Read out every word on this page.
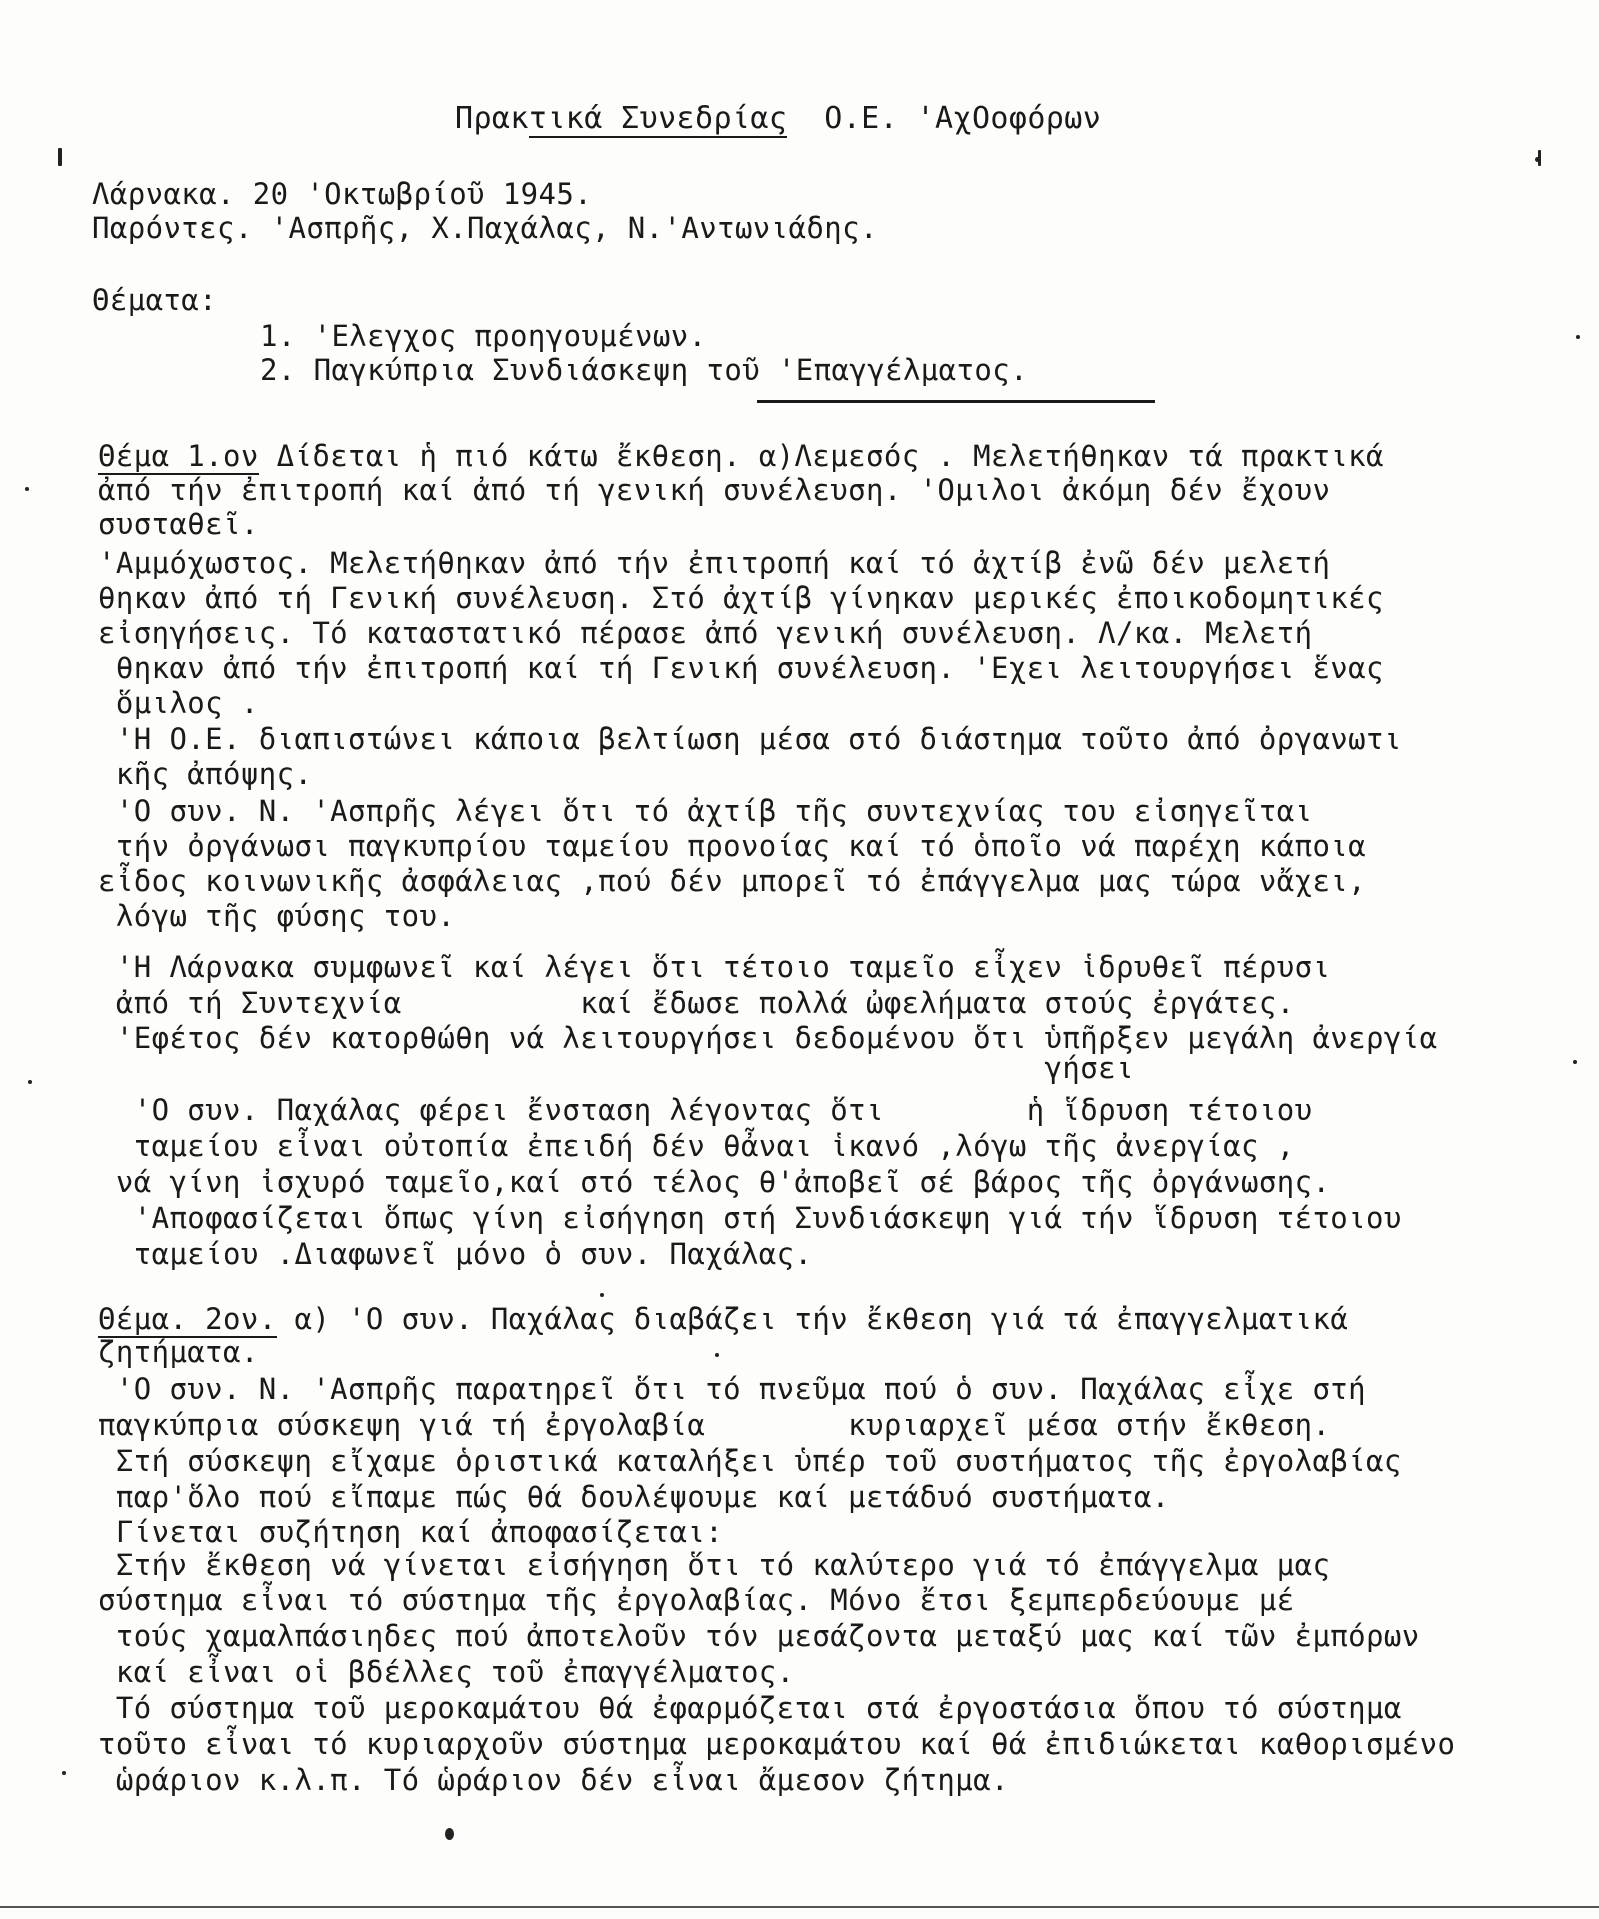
Πρακτικά Συνεδρίας  Ο.Ε. 'ΑχΟοφόρων
Λάρνακα. 20 'Οκτωβρίοῦ 1945.
Παρόντες. 'Ασπρῆς, Χ.Παχάλας, Ν.'Αντωνιάδης.
Θέματα:
1. 'Ελεγχος προηγουμένων.
2. Παγκύπρια Συνδιάσκεψη τοῦ 'Επαγγέλματος.
Θέμα 1.ον Δίδεται ἡ πιό κάτω ἔκθεση. α)Λεμεσός . Μελετήθηκαν τά πρακτικά
ἀπό τήν ἐπιτροπή καί ἀπό τή γενική συνέλευση. 'Ομιλοι ἀκόμη δέν ἔχουν
συσταθεῖ.
'Αμμόχωστος. Μελετήθηκαν ἀπό τήν ἐπιτροπή καί τό ἀχτίβ ἐνῶ δέν μελετή
θηκαν ἀπό τή Γενική συνέλευση. Στό ἀχτίβ γίνηκαν μερικές ἐποικοδομητικές
εἰσηγήσεις. Τό καταστατικό πέρασε ἀπό γενική συνέλευση. Λ/κα. Μελετή
θηκαν ἀπό τήν ἐπιτροπή καί τή Γενική συνέλευση. 'Εχει λειτουργήσει ἕνας
ὅμιλος .
'Η Ο.Ε. διαπιστώνει κάποια βελτίωση μέσα στό διάστημα τοῦτο ἀπό ὀργανωτι
κῆς ἀπόψης.
'Ο συν. Ν. 'Ασπρῆς λέγει ὅτι τό ἀχτίβ τῆς συντεχνίας του εἰσηγεῖται
τήν ὀργάνωσι παγκυπρίου ταμείου προνοίας καί τό ὁποῖο νά παρέχη κάποια
εἶδος κοινωνικῆς ἀσφάλειας ,πού δέν μπορεῖ τό ἐπάγγελμα μας τώρα νἄχει,
λόγω τῆς φύσης του.
'Η Λάρνακα συμφωνεῖ καί λέγει ὅτι τέτοιο ταμεῖο εἶχεν ἱδρυθεῖ πέρυσι
ἀπό τή Συντεχνία          καί ἔδωσε πολλά ὠφελήματα στούς ἐργάτες.
'Εφέτος δέν κατορθώθη νά λειτουργήσει δεδομένου ὅτι ὑπῆρξεν μεγάλη ἀνεργία
γήσει
'Ο συν. Παχάλας φέρει ἔνσταση λέγοντας ὅτι        ἡ ἵδρυση τέτοιου
ταμείου εἶναι οὐτοπία ἐπειδή δέν θἆναι ἱκανό ,λόγω τῆς ἀνεργίας ,
νά γίνη ἰσχυρό ταμεῖο,καί στό τέλος θ'ἀποβεῖ σέ βάρος τῆς ὀργάνωσης.
'Αποφασίζεται ὅπως γίνη εἰσήγηση στή Συνδιάσκεψη γιά τήν ἵδρυση τέτοιου
ταμείου .Διαφωνεῖ μόνο ὁ συν. Παχάλας.
Θέμα. 2ον. α) 'Ο συν. Παχάλας διαβάζει τήν ἔκθεση γιά τά ἐπαγγελματικά
ζητήματα.
'Ο συν. Ν. 'Ασπρῆς παρατηρεῖ ὅτι τό πνεῦμα πού ὁ συν. Παχάλας εἶχε στή
παγκύπρια σύσκεψη γιά τή ἐργολαβία        κυριαρχεῖ μέσα στήν ἔκθεση.
Στή σύσκεψη εἴχαμε ὁριστικά καταλήξει ὑπέρ τοῦ συστήματος τῆς ἐργολαβίας
παρ'ὅλο πού εἴπαμε πώς θά δουλέψουμε καί μετάδυό συστήματα.
Γίνεται συζήτηση καί ἀποφασίζεται:
Στήν ἔκθεση νά γίνεται εἰσήγηση ὅτι τό καλύτερο γιά τό ἐπάγγελμα μας
σύστημα εἶναι τό σύστημα τῆς ἐργολαβίας. Μόνο ἔτσι ξεμπερδεύουμε μέ
τούς χαμαλπάσιηδες πού ἀποτελοῦν τόν μεσάζοντα μεταξύ μας καί τῶν ἐμπόρων
καί εἶναι οἱ βδέλλες τοῦ ἐπαγγέλματος.
Τό σύστημα τοῦ μεροκαμάτου θά ἐφαρμόζεται στά ἐργοστάσια ὅπου τό σύστημα
τοῦτο εἶναι τό κυριαρχοῦν σύστημα μεροκαμάτου καί θά ἐπιδιώκεται καθορισμένο
ὡράριον κ.λ.π. Τό ὡράριον δέν εἶναι ἄμεσον ζήτημα.
